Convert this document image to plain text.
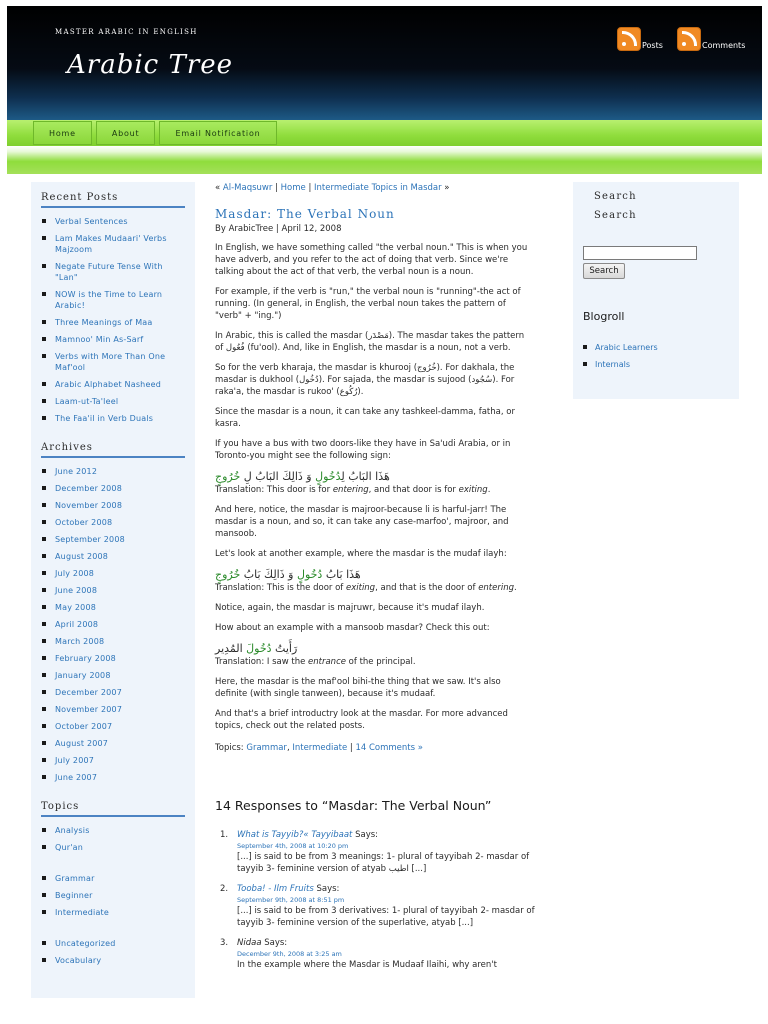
MASTER ARABIC IN ENGLISH
Arabic Tree
Posts	Comments
Home	About	Email Notification
Recent Posts
Verbal Sentences
Lam Makes Mudaari' Verbs Majzoom
Negate Future Tense With "Lan"
NOW is the Time to Learn Arabic!
Three Meanings of Maa
Mamnoo' Min As-Sarf
Verbs with More Than One Maf'ool
Arabic Alphabet Nasheed
Laam-ut-Ta'leel
The Faa'il in Verb Duals
Archives
June 2012
December 2008
November 2008
October 2008
September 2008
August 2008
July 2008
June 2008
May 2008
April 2008
March 2008
February 2008
January 2008
December 2007
November 2007
October 2007
August 2007
July 2007
June 2007
Topics
Analysis
Qur'an
Grammar
Beginner
Intermediate
Uncategorized
Vocabulary
« Al-Maqsuwr | Home | Intermediate Topics in Masdar »
Masdar: The Verbal Noun
By ArabicTree | April 12, 2008

In English, we have something called "the verbal noun." This is when you have adverb, and you refer to the act of doing that verb. Since we're talking about the act of that verb, the verbal noun is a noun.

For example, if the verb is "run," the verbal noun is "running"-the act of running. (In general, in English, the verbal noun takes the pattern of "verb" + "ing.")

In Arabic, this is called the masdar (مَصْدَر). The masdar takes the pattern of فُعُول (fu'ool). And, like in English, the masdar is a noun, not a verb.

So for the verb kharaja, the masdar is khurooj (خُرُوج). For dakhala, the masdar is dukhool (دُخُول). For sajada, the masdar is sujood (سُجُود). For raka'a, the masdar is rukoo' (رُكُوع).

Since the masdar is a noun, it can take any tashkeel-damma, fatha, or kasra.

If you have a bus with two doors-like they have in Sa'udi Arabia, or in Toronto-you might see the following sign:

هَذَا البَابُ لِدُخُولٍ وَ ذَالِكَ البَابُ لِ خُرُوجٍ

Translation: This door is for entering, and that door is for exiting.

And here, notice, the masdar is majroor-because li is harful-jarr! The masdar is a noun, and so, it can take any case-marfoo', majroor, and mansoob.

Let's look at another example, where the masdar is the mudaf ilayh:

هَذَا بَابُ دُخُولٍ وَ ذَالِكَ بَابُ خُرُوجٍ

Translation: This is the door of exiting, and that is the door of entering.

Notice, again, the masdar is majruwr, because it's mudaf ilayh.

How about an example with a mansoob masdar? Check this out:

رَأَيتُ دُخُولَ المُدِير

Translation: I saw the entrance of the principal.

Here, the masdar is the maf'ool bihi-the thing that we saw. It's also definite (with single tanween), because it's mudaaf.

And that's a brief introductry look at the masdar. For more advanced topics, check out the related posts.

Topics: Grammar, Intermediate | 14 Comments »

14 Responses to “Masdar: The Verbal Noun”
1. What is Tayyib?« Tayyibaat Says:
September 4th, 2008 at 10:20 pm
[...] is said to be from 3 meanings: 1- plural of tayyibah 2- masdar of tayyib 3- feminine version of atyab اطيب [...]
2. Tooba! - Ilm Fruits Says:
September 9th, 2008 at 8:51 pm
[...] is said to be from 3 derivatives: 1- plural of tayyibah 2- masdar of tayyib 3- feminine version of the superlative, atyab [...]
3. Nidaa Says:
December 9th, 2008 at 3:25 am
In the example where the Masdar is Mudaaf Ilaihi, why aren't
Search
Search
Search
Blogroll
Arabic Learners
Internals
